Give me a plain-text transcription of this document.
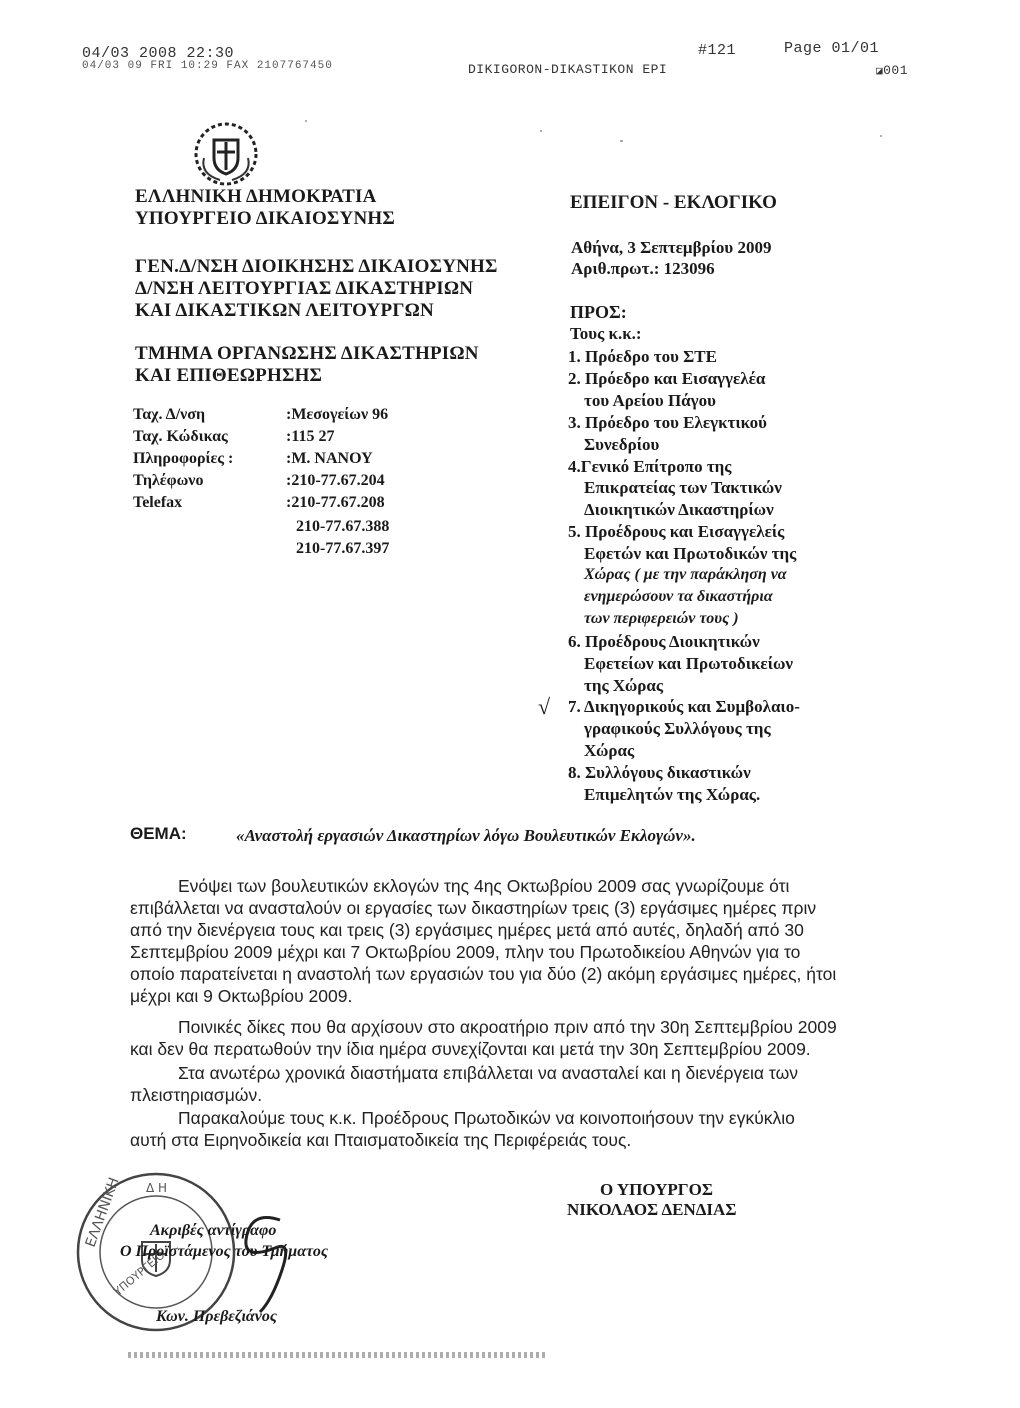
04/03 2008 22:30
04/03 09 FRI 10:29 FAX 2107767450	DIKIGORON-DIKASTIKON EPI
#121	Page 01/01
◪001
ΕΛΛΗΝΙΚΗ ΔΗΜΟΚΡΑΤΙΑ
ΥΠΟΥΡΓΕΙΟ ΔΙΚΑΙΟΣΥΝΗΣ
ΓΕΝ.Δ/ΝΣΗ ΔΙΟΙΚΗΣΗΣ ΔΙΚΑΙΟΣΥΝΗΣ
Δ/ΝΣΗ ΛΕΙΤΟΥΡΓΙΑΣ ΔΙΚΑΣΤΗΡΙΩΝ
ΚΑΙ ΔΙΚΑΣΤΙΚΩΝ ΛΕΙΤΟΥΡΓΩΝ
ΤΜΗΜΑ ΟΡΓΑΝΩΣΗΣ ΔΙΚΑΣΤΗΡΙΩΝ
ΚΑΙ ΕΠΙΘΕΩΡΗΣΗΣ
Ταχ. Δ/νση	:Μεσογείων 96
Ταχ. Κώδικας	:115 27
Πληροφορίες :	:Μ. ΝΑΝΟΥ
Τηλέφωνο	:210-77.67.204
Telefax	:210-77.67.208
210-77.67.388
210-77.67.397
ΕΠΕΙΓΟΝ - ΕΚΛΟΓΙΚΟ
Αθήνα, 3 Σεπτεμβρίου 2009
Αριθ.πρωτ.: 123096
ΠΡΟΣ:
Τους κ.κ.:
1. Πρόεδρο του ΣΤΕ
2. Πρόεδρο και Εισαγγελέα
του Αρείου Πάγου
3. Πρόεδρο του Ελεγκτικού
Συνεδρίου
4.Γενικό Επίτροπο της
Επικρατείας των Τακτικών
Διοικητικών Δικαστηρίων
5. Προέδρους και Εισαγγελείς
Εφετών και Πρωτοδικών της
Χώρας ( με την παράκληση να
ενημερώσουν τα δικαστήρια
των περιφερειών τους )
6. Προέδρους Διοικητικών
Εφετείων και Πρωτοδικείων
της Χώρας
7. Δικηγορικούς και Συμβολαιο-
γραφικούς Συλλόγους της
Χώρας
8. Συλλόγους δικαστικών
Επιμελητών της Χώρας.
√
ΘΕΜΑ:	«Αναστολή εργασιών Δικαστηρίων λόγω Βουλευτικών Εκλογών».
Ενόψει των βουλευτικών εκλογών της 4ης Οκτωβρίου 2009 σας γνωρίζουμε ότι
επιβάλλεται να ανασταλούν οι εργασίες των δικαστηρίων τρεις (3) εργάσιμες ημέρες πριν
από την διενέργεια τους και τρεις (3) εργάσιμες ημέρες μετά από αυτές, δηλαδή από 30
Σεπτεμβρίου 2009 μέχρι και 7 Οκτωβρίου 2009, πλην του Πρωτοδικείου Αθηνών για το
οποίο παρατείνεται η αναστολή των εργασιών του για δύο (2) ακόμη εργάσιμες ημέρες, ήτοι
μέχρι και 9 Οκτωβρίου 2009.
Ποινικές δίκες που θα αρχίσουν στο ακροατήριο πριν από την 30η Σεπτεμβρίου 2009
και δεν θα περατωθούν την ίδια ημέρα συνεχίζονται και μετά την 30η Σεπτεμβρίου 2009.
Στα ανωτέρω χρονικά διαστήματα επιβάλλεται να ανασταλεί και η διενέργεια των
πλειστηριασμών.
Παρακαλούμε τους κ.κ. Προέδρους Πρωτοδικών να κοινοποιήσουν την εγκύκλιο
αυτή στα Ειρηνοδικεία και Πταισματοδικεία της Περιφέρειάς τους.
Ο ΥΠΟΥΡΓΟΣ
ΝΙΚΟΛΑΟΣ ΔΕΝΔΙΑΣ
ΕΛΛΗΝΙΚΗ
ΥΠΟΥΡΓΕΙΟ
Δ Η
Ακριβές αντίγραφο
Ο Προϊστάμενος του Τμήματος
Κων. Πρεβεζιάνος
